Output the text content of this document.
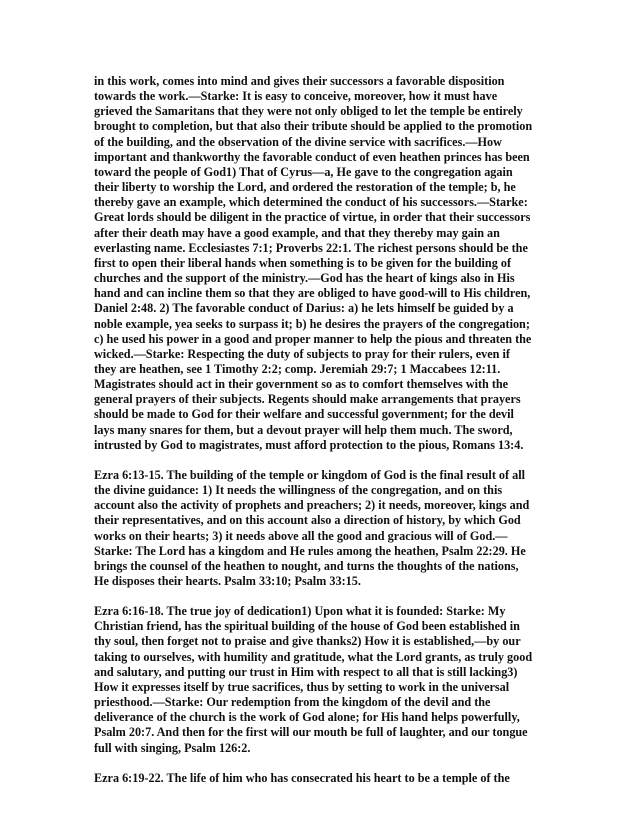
in this work, comes into mind and gives their successors a favorable disposition
towards the work.—Starke: It is easy to conceive, moreover, how it must have
grieved the Samaritans that they were not only obliged to let the temple be entirely
brought to completion, but that also their tribute should be applied to the promotion
of the building, and the observation of the divine service with sacrifices.—How
important and thankworthy the favorable conduct of even heathen princes has been
toward the people of God1) That of Cyrus—a, He gave to the congregation again
their liberty to worship the Lord, and ordered the restoration of the temple; b, he
thereby gave an example, which determined the conduct of his successors.—Starke:
Great lords should be diligent in the practice of virtue, in order that their successors
after their death may have a good example, and that they thereby may gain an
everlasting name. Ecclesiastes 7:1; Proverbs 22:1. The richest persons should be the
first to open their liberal hands when something is to be given for the building of
churches and the support of the ministry.—God has the heart of kings also in His
hand and can incline them so that they are obliged to have good-will to His children,
Daniel 2:48. 2) The favorable conduct of Darius: a) he lets himself be guided by a
noble example, yea seeks to surpass it; b) he desires the prayers of the congregation;
c) he used his power in a good and proper manner to help the pious and threaten the
wicked.—Starke: Respecting the duty of subjects to pray for their rulers, even if
they are heathen, see 1 Timothy 2:2; comp. Jeremiah 29:7; 1 Maccabees 12:11.
Magistrates should act in their government so as to comfort themselves with the
general prayers of their subjects. Regents should make arrangements that prayers
should be made to God for their welfare and successful government; for the devil
lays many snares for them, but a devout prayer will help them much. The sword,
intrusted by God to magistrates, must afford protection to the pious, Romans 13:4.
Ezra 6:13-15. The building of the temple or kingdom of God is the final result of all
the divine guidance: 1) It needs the willingness of the congregation, and on this
account also the activity of prophets and preachers; 2) it needs, moreover, kings and
their representatives, and on this account also a direction of history, by which God
works on their hearts; 3) it needs above all the good and gracious will of God.—
Starke: The Lord has a kingdom and He rules among the heathen, Psalm 22:29. He
brings the counsel of the heathen to nought, and turns the thoughts of the nations,
He disposes their hearts. Psalm 33:10; Psalm 33:15.
Ezra 6:16-18. The true joy of dedication1) Upon what it is founded: Starke: My
Christian friend, has the spiritual building of the house of God been established in
thy soul, then forget not to praise and give thanks2) How it is established,—by our
taking to ourselves, with humility and gratitude, what the Lord grants, as truly good
and salutary, and putting our trust in Him with respect to all that is still lacking3)
How it expresses itself by true sacrifices, thus by setting to work in the universal
priesthood.—Starke: Our redemption from the kingdom of the devil and the
deliverance of the church is the work of God alone; for His hand helps powerfully,
Psalm 20:7. And then for the first will our mouth be full of laughter, and our tongue
full with singing, Psalm 126:2.
Ezra 6:19-22. The life of him who has consecrated his heart to be a temple of the
